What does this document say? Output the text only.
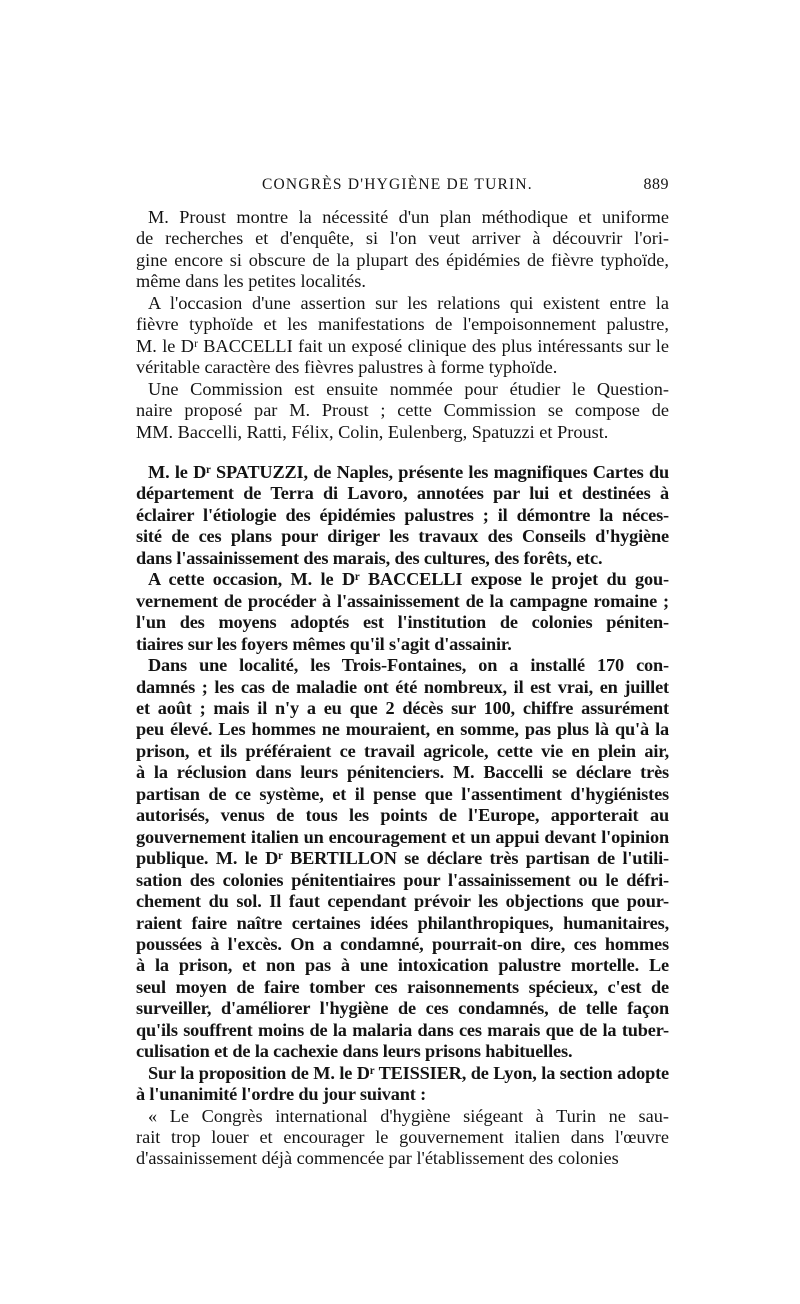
CONGRÈS D'HYGIÈNE DE TURIN.	889
M. Proust montre la nécessité d'un plan méthodique et uniforme
de recherches et d'enquête, si l'on veut arriver à découvrir l'ori-
gine encore si obscure de la plupart des épidémies de fièvre typhoïde,
même dans les petites localités.
A l'occasion d'une assertion sur les relations qui existent entre la
fièvre typhoïde et les manifestations de l'empoisonnement palustre,
M. le Dʳ BACCELLI fait un exposé clinique des plus intéressants sur le
véritable caractère des fièvres palustres à forme typhoïde.
Une Commission est ensuite nommée pour étudier le Question-
naire proposé par M. Proust ; cette Commission se compose de
MM. Baccelli, Ratti, Félix, Colin, Eulenberg, Spatuzzi et Proust.
M. le Dʳ SPATUZZI, de Naples, présente les magnifiques Cartes du
département de Terra di Lavoro, annotées par lui et destinées à
éclairer l'étiologie des épidémies palustres ; il démontre la néces-
sité de ces plans pour diriger les travaux des Conseils d'hygiène
dans l'assainissement des marais, des cultures, des forêts, etc.
A cette occasion, M. le Dʳ BACCELLI expose le projet du gou-
vernement de procéder à l'assainissement de la campagne romaine ;
l'un des moyens adoptés est l'institution de colonies péniten-
tiaires sur les foyers mêmes qu'il s'agit d'assainir.
Dans une localité, les Trois-Fontaines, on a installé 170 con-
damnés ; les cas de maladie ont été nombreux, il est vrai, en juillet
et août ; mais il n'y a eu que 2 décès sur 100, chiffre assurément
peu élevé. Les hommes ne mouraient, en somme, pas plus là qu'à la
prison, et ils préféraient ce travail agricole, cette vie en plein air,
à la réclusion dans leurs pénitenciers. M. Baccelli se déclare très
partisan de ce système, et il pense que l'assentiment d'hygiénistes
autorisés, venus de tous les points de l'Europe, apporterait au
gouvernement italien un encouragement et un appui devant l'opinion
publique. M. le Dʳ BERTILLON se déclare très partisan de l'utili-
sation des colonies pénitentiaires pour l'assainissement ou le défri-
chement du sol. Il faut cependant prévoir les objections que pour-
raient faire naître certaines idées philanthropiques, humanitaires,
poussées à l'excès. On a condamné, pourrait-on dire, ces hommes
à la prison, et non pas à une intoxication palustre mortelle. Le
seul moyen de faire tomber ces raisonnements spécieux, c'est de
surveiller, d'améliorer l'hygiène de ces condamnés, de telle façon
qu'ils souffrent moins de la malaria dans ces marais que de la tuber-
culisation et de la cachexie dans leurs prisons habituelles.
Sur la proposition de M. le Dʳ TEISSIER, de Lyon, la section adopte
à l'unanimité l'ordre du jour suivant :
« Le Congrès international d'hygiène siégeant à Turin ne sau-
rait trop louer et encourager le gouvernement italien dans l'œuvre
d'assainissement déjà commencée par l'établissement des colonies
